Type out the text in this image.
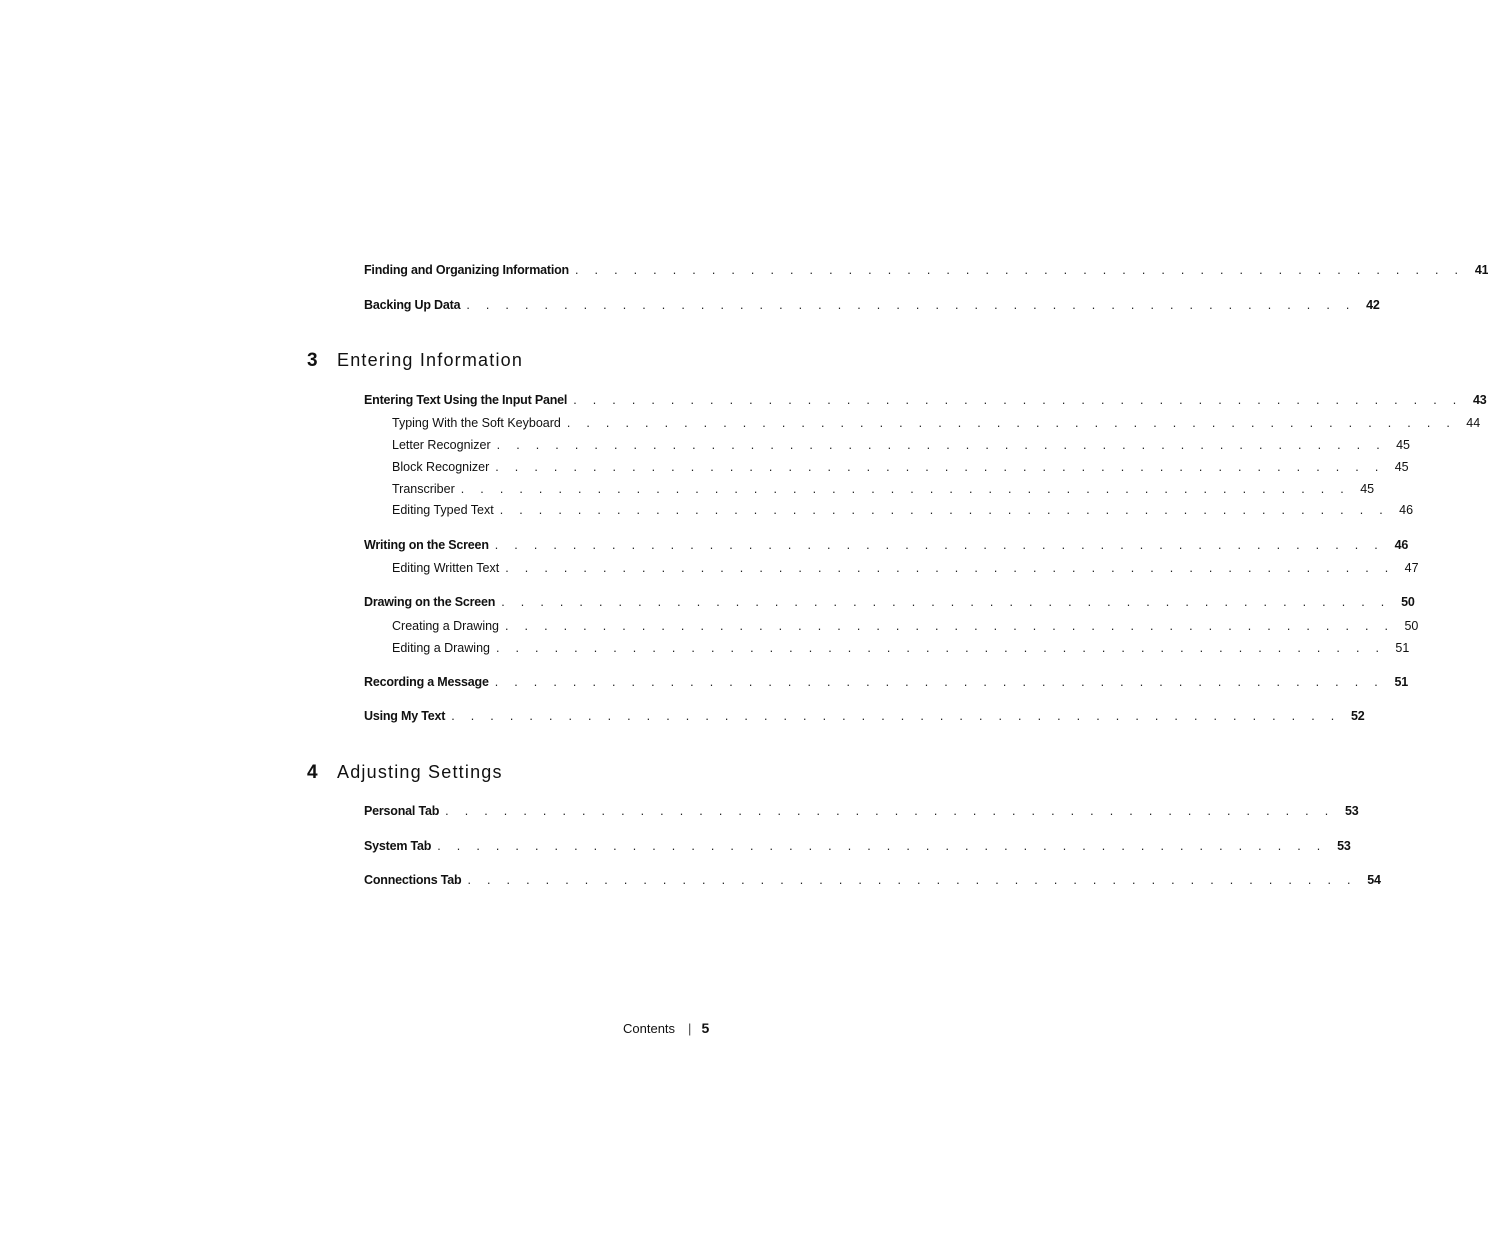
Finding and Organizing Information . . . . . . . . . . . . . . . . . . . . . . . . . . . . . . . . . . . . . . . . . . . . . . 41
Backing Up Data . . . . . . . . . . . . . . . . . . . . . . . . . . . . . . . . . . . . . . . . . . . . . . 42
3	Entering Information
Entering Text Using the Input Panel . . . . . . . . . . . . . . . . . . . . . . . . . . . . . . . . . . . . . . . . . . . . . . 43
Typing With the Soft Keyboard . . . . . . . . . . . . . . . . . . . . . . . . . . . . . . . . . . . . . . . . . . . . . . 44
Letter Recognizer . . . . . . . . . . . . . . . . . . . . . . . . . . . . . . . . . . . . . . . . . . . . . . 45
Block Recognizer . . . . . . . . . . . . . . . . . . . . . . . . . . . . . . . . . . . . . . . . . . . . . . 45
Transcriber . . . . . . . . . . . . . . . . . . . . . . . . . . . . . . . . . . . . . . . . . . . . . . 45
Editing Typed Text . . . . . . . . . . . . . . . . . . . . . . . . . . . . . . . . . . . . . . . . . . . . . . 46
Writing on the Screen . . . . . . . . . . . . . . . . . . . . . . . . . . . . . . . . . . . . . . . . . . . . . . 46
Editing Written Text . . . . . . . . . . . . . . . . . . . . . . . . . . . . . . . . . . . . . . . . . . . . . . 47
Drawing on the Screen . . . . . . . . . . . . . . . . . . . . . . . . . . . . . . . . . . . . . . . . . . . . . . 50
Creating a Drawing . . . . . . . . . . . . . . . . . . . . . . . . . . . . . . . . . . . . . . . . . . . . . . 50
Editing a Drawing . . . . . . . . . . . . . . . . . . . . . . . . . . . . . . . . . . . . . . . . . . . . . . 51
Recording a Message . . . . . . . . . . . . . . . . . . . . . . . . . . . . . . . . . . . . . . . . . . . . . . 51
Using My Text . . . . . . . . . . . . . . . . . . . . . . . . . . . . . . . . . . . . . . . . . . . . . . 52
4	Adjusting Settings
Personal Tab . . . . . . . . . . . . . . . . . . . . . . . . . . . . . . . . . . . . . . . . . . . . . . 53
System Tab . . . . . . . . . . . . . . . . . . . . . . . . . . . . . . . . . . . . . . . . . . . . . . 53
Connections Tab . . . . . . . . . . . . . . . . . . . . . . . . . . . . . . . . . . . . . . . . . . . . . . 54
Contents | 5
